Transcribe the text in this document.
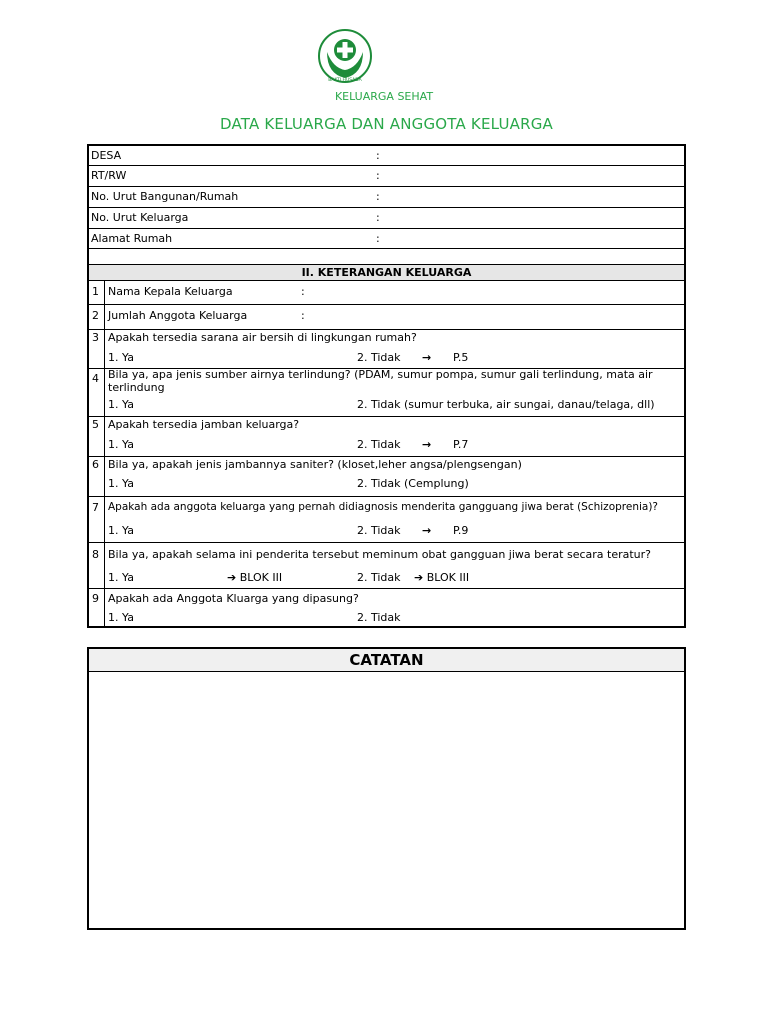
BAKTI HUSADA
KELUARGA SEHAT
DATA KELUARGA DAN ANGGOTA KELUARGA
DESA	:
RT/RW	:
No. Urut Bangunan/Rumah	:
No. Urut Keluarga	:
Alamat Rumah	:
II. KETERANGAN KELUARGA
1 Nama Kepala Keluarga	:
2 Jumlah Anggota Keluarga	:
3 Apakah tersedia sarana air bersih di lingkungan rumah?
1. Ya	2. Tidak → P.5
4 Bila ya, apa jenis sumber airnya terlindung? (PDAM, sumur pompa, sumur gali terlindung, mata air terlindung
1. Ya	2. Tidak (sumur terbuka, air sungai, danau/telaga, dll)
5 Apakah tersedia jamban keluarga?
1. Ya	2. Tidak → P.7
6 Bila ya, apakah jenis jambannya saniter? (kloset,leher angsa/plengsengan)
1. Ya	2. Tidak (Cemplung)
7 Apakah ada anggota keluarga yang pernah didiagnosis menderita gangguang jiwa berat (Schizoprenia)?
1. Ya	2. Tidak → P.9
8 Bila ya, apakah selama ini penderita tersebut meminum obat gangguan jiwa berat secara teratur?
1. Ya	➔ BLOK III	2. Tidak ➔ BLOK III
9 Apakah ada Anggota Kluarga yang dipasung?
1. Ya	2. Tidak
CATATAN
